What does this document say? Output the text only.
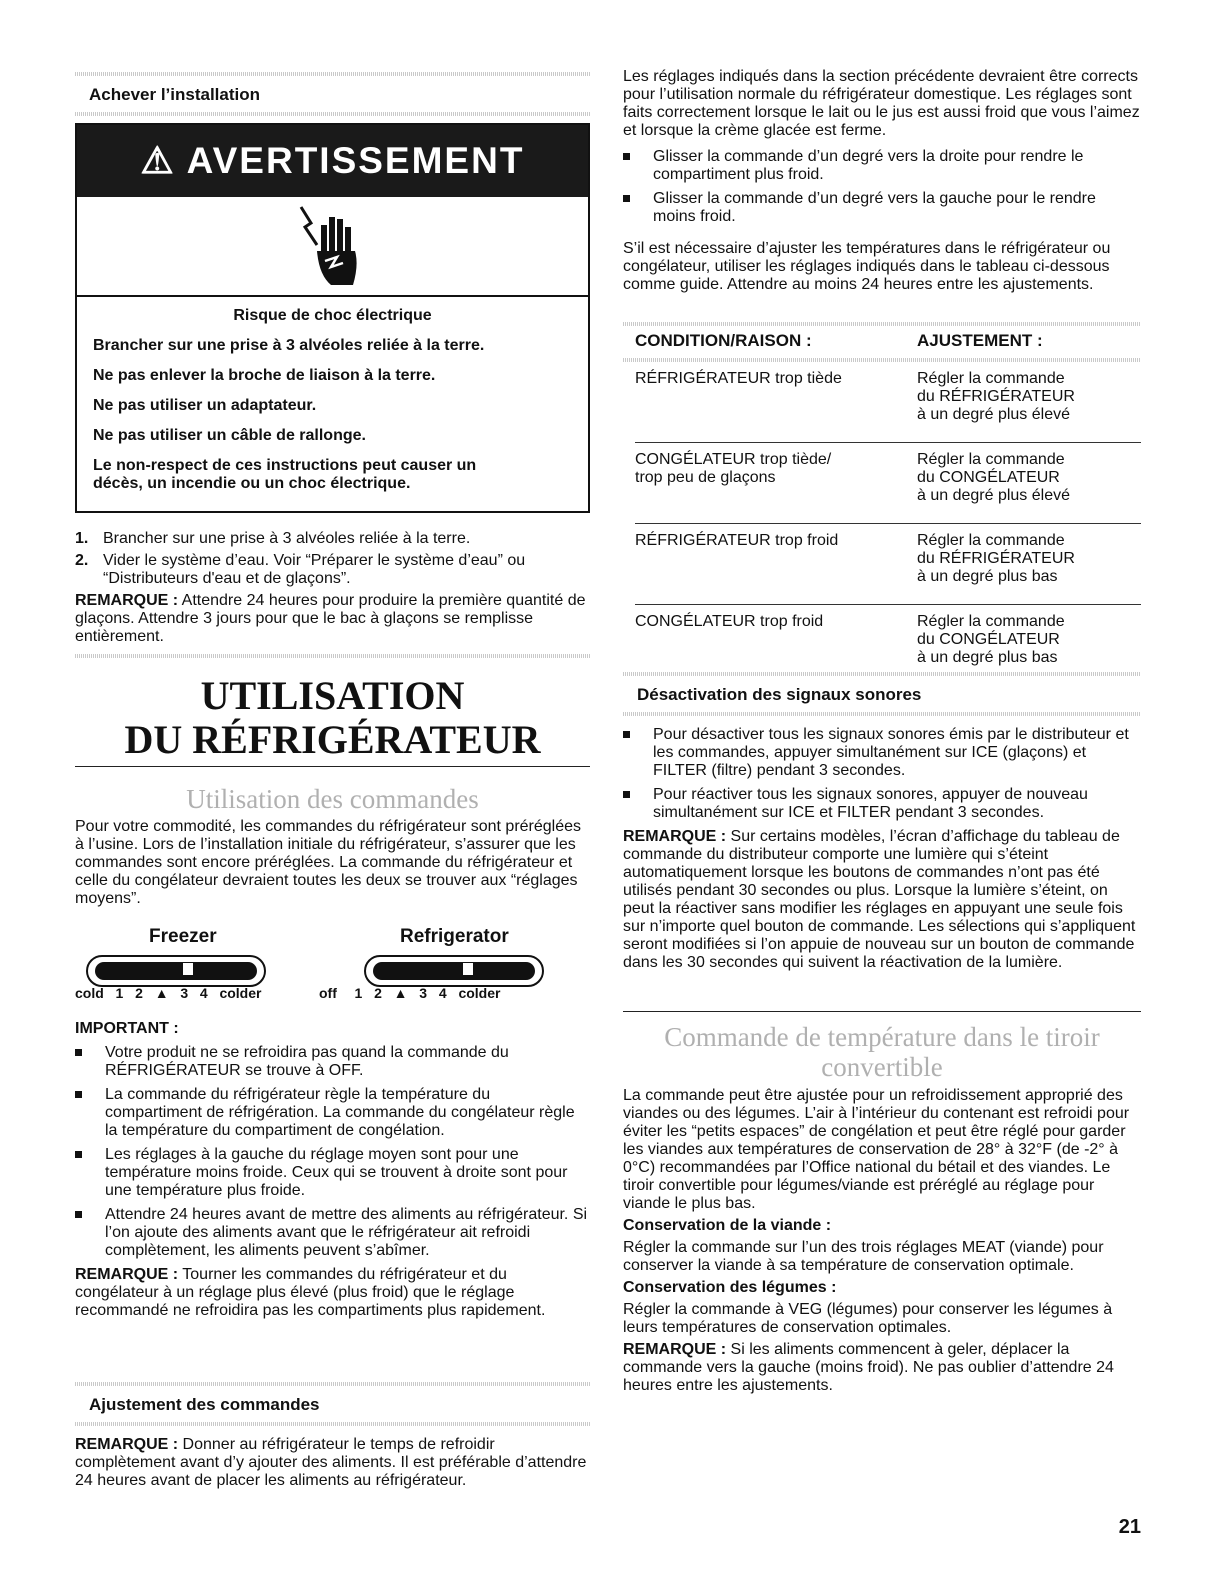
Achever l’installation
⚠ AVERTISSEMENT
Risque de choc électrique
Brancher sur une prise à 3 alvéoles reliée à la terre.
Ne pas enlever la broche de liaison à la terre.
Ne pas utiliser un adaptateur.
Ne pas utiliser un câble de rallonge.
Le non-respect de ces instructions peut causer un décès, un incendie ou un choc électrique.
1. Brancher sur une prise à 3 alvéoles reliée à la terre.
2. Vider le système d’eau. Voir “Préparer le système d’eau” ou “Distributeurs d'eau et de glaçons”.

REMARQUE : Attendre 24 heures pour produire la première quantité de glaçons. Attendre 3 jours pour que le bac à glaçons se remplisse entièrement.

UTILISATION
DU RÉFRIGÉRATEUR
Utilisation des commandes

Pour votre commodité, les commandes du réfrigérateur sont préréglées à l’usine. Lors de l’installation initiale du réfrigérateur, s’assurer que les commandes sont encore préréglées. La commande du réfrigérateur et celle du congélateur devraient toutes les deux se trouver aux “réglages moyens”.

Freezer	Refrigerator
cold  1  2  ▲  3  4  colder	off   1  2  ▲  3  4  colder

IMPORTANT :

Votre produit ne se refroidira pas quand la commande du RÉFRIGÉRATEUR se trouve à OFF.
La commande du réfrigérateur règle la température du compartiment de réfrigération. La commande du congélateur règle la température du compartiment de congélation.
Les réglages à la gauche du réglage moyen sont pour une température moins froide. Ceux qui se trouvent à droite sont pour une température plus froide.
Attendre 24 heures avant de mettre des aliments au réfrigérateur. Si l’on ajoute des aliments avant que le réfrigérateur ait refroidi complètement, les aliments peuvent s’abîmer.

REMARQUE : Tourner les commandes du réfrigérateur et du congélateur à un réglage plus élevé (plus froid) que le réglage recommandé ne refroidira pas les compartiments plus rapidement.

Ajustement des commandes

REMARQUE : Donner au réfrigérateur le temps de refroidir complètement avant d’y ajouter des aliments. Il est préférable d’attendre 24 heures avant de placer les aliments au réfrigérateur.

Les réglages indiqués dans la section précédente devraient être corrects pour l’utilisation normale du réfrigérateur domestique. Les réglages sont faits correctement lorsque le lait ou le jus est aussi froid que vous l’aimez et lorsque la crème glacée est ferme.

Glisser la commande d’un degré vers la droite pour rendre le compartiment plus froid.
Glisser la commande d’un degré vers la gauche pour le rendre moins froid.

S’il est nécessaire d’ajuster les températures dans le réfrigérateur ou congélateur, utiliser les réglages indiqués dans le tableau ci-dessous comme guide. Attendre au moins 24 heures entre les ajustements.

CONDITION/RAISON :	AJUSTEMENT :
RÉFRIGÉRATEUR trop tiède	Régler la commande
du RÉFRIGÉRATEUR
à un degré plus élevé

CONGÉLATEUR trop tiède/
trop peu de glaçons	Régler la commande
du CONGÉLATEUR
à un degré plus élevé

RÉFRIGÉRATEUR trop froid	Régler la commande
du RÉFRIGÉRATEUR
à un degré plus bas

CONGÉLATEUR trop froid	Régler la commande
du CONGÉLATEUR
à un degré plus bas
Désactivation des signaux sonores
Pour désactiver tous les signaux sonores émis par le distributeur et les commandes, appuyer simultanément sur ICE (glaçons) et FILTER (filtre) pendant 3 secondes.
Pour réactiver tous les signaux sonores, appuyer de nouveau simultanément sur ICE et FILTER pendant 3 secondes.

REMARQUE : Sur certains modèles, l’écran d’affichage du tableau de commande du distributeur comporte une lumière qui s’éteint automatiquement lorsque les boutons de commandes n’ont pas été utilisés pendant 30 secondes ou plus. Lorsque la lumière s’éteint, on peut la réactiver sans modifier les réglages en appuyant une seule fois sur n’importe quel bouton de commande. Les sélections qui s’appliquent seront modifiées si l’on appuie de nouveau sur un bouton de commande dans les 30 secondes qui suivent la réactivation de la lumière.

Commande de température dans le tiroir convertible

La commande peut être ajustée pour un refroidissement approprié des viandes ou des légumes. L’air à l’intérieur du contenant est refroidi pour éviter les “petits espaces” de congélation et peut être réglé pour garder les viandes aux températures de conservation de 28° à 32°F (de -2° à 0°C) recommandées par l’Office national du bétail et des viandes. Le tiroir convertible pour légumes/viande est préréglé au réglage pour viande le plus bas.

Conservation de la viande :

Régler la commande sur l’un des trois réglages MEAT (viande) pour conserver la viande à sa température de conservation optimale.

Conservation des légumes :

Régler la commande à VEG (légumes) pour conserver les légumes à leurs températures de conservation optimales.

REMARQUE : Si les aliments commencent à geler, déplacer la commande vers la gauche (moins froid). Ne pas oublier d’attendre 24 heures entre les ajustements.

21
